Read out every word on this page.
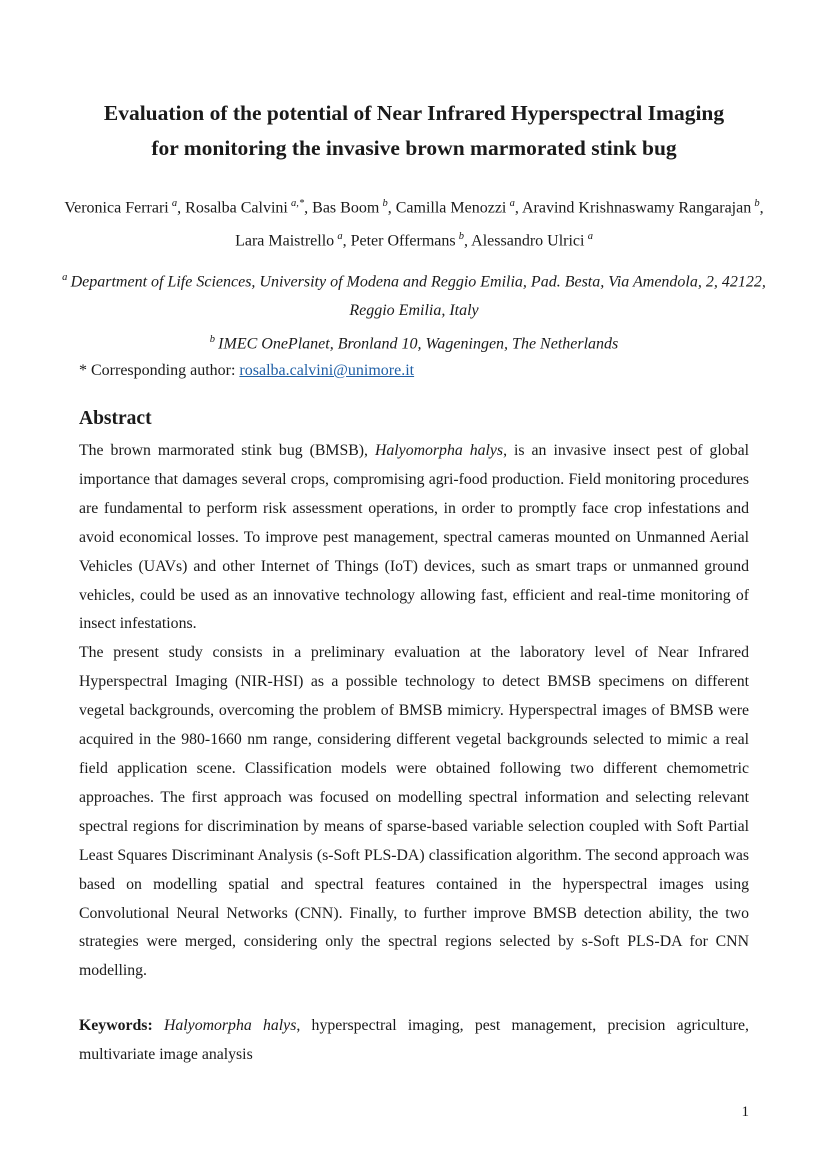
Evaluation of the potential of Near Infrared Hyperspectral Imaging
for monitoring the invasive brown marmorated stink bug

Veronica Ferrari  $^a$, Rosalba Calvini  $^{a,*}$, Bas Boom  $^b$, Camilla Menozzi  $^a$, Aravind Krishnaswamy Rangarajan  $^b$, Lara Maistrello  $^a$, Peter Offermans  $^b$, Alessandro Ulrici  $^a$

$^a$  Department of Life Sciences, University of Modena and Reggio Emilia, Pad. Besta, Via Amendola, 2, 42122, Reggio Emilia, Italy
$^b$  IMEC OnePlanet, Bronland 10, Wageningen, The Netherlands

* Corresponding author: rosalba.calvini@unimore.it

Abstract

The brown marmorated stink bug (BMSB), Halyomorpha halys, is an invasive insect pest of global importance that damages several crops, compromising agri-food production. Field monitoring procedures are fundamental to perform risk assessment operations, in order to promptly face crop infestations and avoid economical losses. To improve pest management, spectral cameras mounted on Unmanned Aerial Vehicles (UAVs) and other Internet of Things (IoT) devices, such as smart traps or unmanned ground vehicles, could be used as an innovative technology allowing fast, efficient and real-time monitoring of insect infestations.

The present study consists in a preliminary evaluation at the laboratory level of Near Infrared Hyperspectral Imaging (NIR-HSI) as a possible technology to detect BMSB specimens on different vegetal backgrounds, overcoming the problem of BMSB mimicry. Hyperspectral images of BMSB were acquired in the 980-1660 nm range, considering different vegetal backgrounds selected to mimic a real field application scene. Classification models were obtained following two different chemometric approaches. The first approach was focused on modelling spectral information and selecting relevant spectral regions for discrimination by means of sparse-based variable selection coupled with Soft Partial Least Squares Discriminant Analysis (s-Soft PLS-DA) classification algorithm. The second approach was based on modelling spatial and spectral features contained in the hyperspectral images using Convolutional Neural Networks (CNN). Finally, to further improve BMSB detection ability, the two strategies were merged, considering only the spectral regions selected by s-Soft PLS-DA for CNN modelling.

Keywords: Halyomorpha halys, hyperspectral imaging, pest management, precision agriculture, multivariate image analysis

1
